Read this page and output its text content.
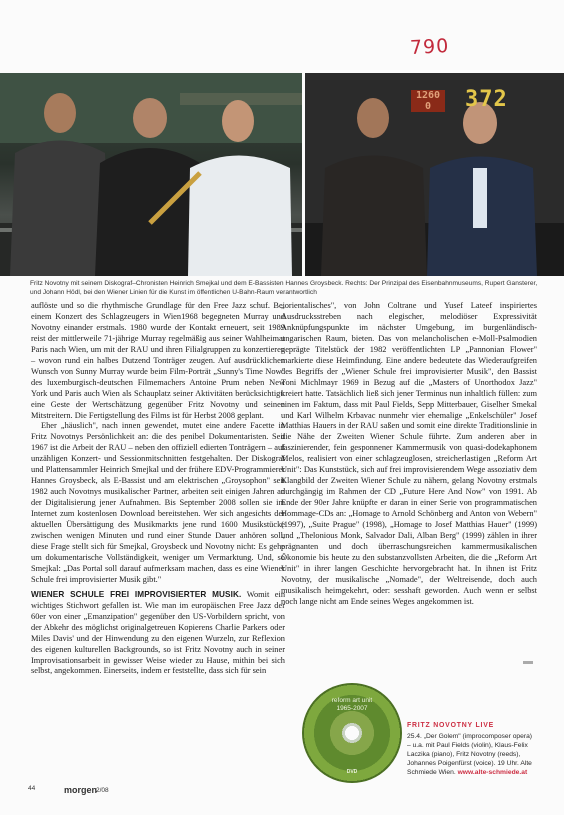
790
1260 0	372
Fritz Novotny mit seinem Diskograf–Chronisten Heinrich Smejkal und dem E-Bassisten Hannes Groysbeck. Rechts: Der Prinzipal des Eisenbahnmuseums, Rupert Gansterer, und Johann Hödl, bei den Wiener Linien für die Kunst im öffentlichen U-Bahn-Raum verantwortlich

auflöste und so die rhythmische Grundlage für den Free Jazz schuf. Bei einem Konzert des Schlagzeugers in Wien1968 begegneten Murray und Novotny einander erstmals. 1980 wurde der Kontakt erneuert, seit 1989 reist der mittlerweile 71-jährige Murray regelmäßig aus seiner Wahlheimat Paris nach Wien, um mit der RAU und ihren Filialgruppen zu konzertieren – wovon rund ein halbes Dutzend Tonträger zeugen. Auf ausdrücklichen Wunsch von Sunny Murray wurde beim Film-Porträt „Sunny's Time Now" des luxemburgisch-deutschen Filmemachers Antoine Prum neben New York und Paris auch Wien als Schauplatz seiner Aktivitäten berücksichtigt: eine Geste der Wertschätzung gegenüber Fritz Novotny und seinen Mitstreitern. Die Fertigstellung des Films ist für Herbst 2008 geplant.

Eher „häuslich", nach innen gewendet, mutet eine andere Facette in Fritz Novotnys Persönlichkeit an: die des penibel Dokumentaristen. Seit 1967 ist die Arbeit der RAU – neben den offiziell edierten Tonträgern – auf unzähligen Konzert- und Sessionmitschnitten festgehalten. Der Diskograf und Plattensammler Heinrich Smejkal und der frühere EDV-Programmierer Hannes Groysbeck, als E-Bassist und am elektrischen „Groysophon" seit 1982 auch Novotnys musikalischer Partner, arbeiten seit einigen Jahren an der Digitalisierung jener Aufnahmen. Bis September 2008 sollen sie im Internet zum kostenlosen Download bereitstehen. Wer sich angesichts der aktuellen Übersättigung des Musikmarkts jene rund 1600 Musikstücke zwischen wenigen Minuten und rund einer Stunde Dauer anhören soll, diese Frage stellt sich für Smejkal, Groysbeck und Novotny nicht: Es gehe um dokumentarische Vollständigkeit, weniger um Vermarktung. Und, so Smejkal: „Das Portal soll darauf aufmerksam machen, dass es eine Wiener Schule frei improvisierter Musik gibt."

WIENER SCHULE FREI IMPROVISIERTER MUSIK. Womit ein wichtiges Stichwort gefallen ist. Wie man im europäischen Free Jazz der 60er von einer „Emanzipation" gegenüber den US-Vorbildern spricht, von der Abkehr des möglichst originalgetreuen Kopierens Charlie Parkers oder Miles Davis' und der Hinwendung zu den eigenen Wurzeln, zur Reflexion des eigenen kulturellen Backgrounds, so ist Fritz Novotny auch in seiner Improvisationsarbeit in gewisser Weise wieder zu Hause, mithin bei sich selbst, angekommen. Einerseits, indem er feststellte, dass sich für sein

„orientalisches", von John Coltrane und Yusef Lateef inspiriertes Ausdrucksstreben nach elegischer, melodiöser Expressivität Anknüpfungspunkte im nächster Umgebung, im burgenländisch-ungarischen Raum, bieten. Das von melancholischen e-Moll-Psalmodien geprägte Titelstück der 1982 veröffentlichten LP „Pannonian Flower" markierte diese Heimfindung. Eine andere bedeutete das Wiederaufgreifen des Begriffs der „Wiener Schule frei improvisierter Musik", den Bassist Toni Michlmayr 1969 in Bezug auf die „Masters of Unorthodox Jazz" kreiert hatte. Tatsächlich ließ sich jener Terminus nun inhaltlich füllen: zum einen im Faktum, dass mit Paul Fields, Sepp Mitterbauer, Giselher Smekal und Karl Wilhelm Krbavac nunmehr vier ehemalige „Enkelschüler" Josef Matthias Hauers in der RAU saßen und somit eine direkte Traditionslinie in die Nähe der Zweiten Wiener Schule führte. Zum anderen aber in faszinierender, fein gesponnener Kammermusik von quasi-dodekaphonem Melos, realisiert von einer schlagzeuglosen, streicherlastigen „Reform Art Unit": Das Kunststück, sich auf frei improvisierendem Wege assoziativ dem Klangbild der Zweiten Wiener Schule zu nähern, gelang Novotny erstmals durchgängig im Rahmen der CD „Future Here And Now" von 1991. Ab Ende der 90er Jahre knüpfte er daran in einer Serie von programmatischen Hommage-CDs an: „Homage to Arnold Schönberg and Anton von Webern" (1997), „Suite Prague" (1998), „Homage to Josef Matthias Hauer" (1999) und „Thelonious Monk, Salvador Dali, Alban Berg" (1999) zählen in ihrer prägnanten und doch überraschungsreichen kammermusikalischen Ökonomie bis heute zu den substanzvollsten Arbeiten, die die „Reform Art Unit" in ihrer langen Geschichte hervorgebracht hat. In ihnen ist Fritz Novotny, der musikalische „Nomade", der Weltreisende, doch auch musikalisch heimgekehrt, oder: sesshaft geworden. Auch wenn er selbst noch lange nicht am Ende seines Weges angekommen ist.

reform art unit
1965-2007
DVD
FRITZ NOVOTNY LIVE
25.4. „Der Golem" (improcomposer opera) – u.a. mit Paul Fields (violin), Klaus-Felix Laczika (piano), Fritz Novotny (reeds), Johannes Poigenfürst (voice). 19 Uhr. Alte Schmiede Wien. www.alte-schmiede.at
44	morgen
2/08
